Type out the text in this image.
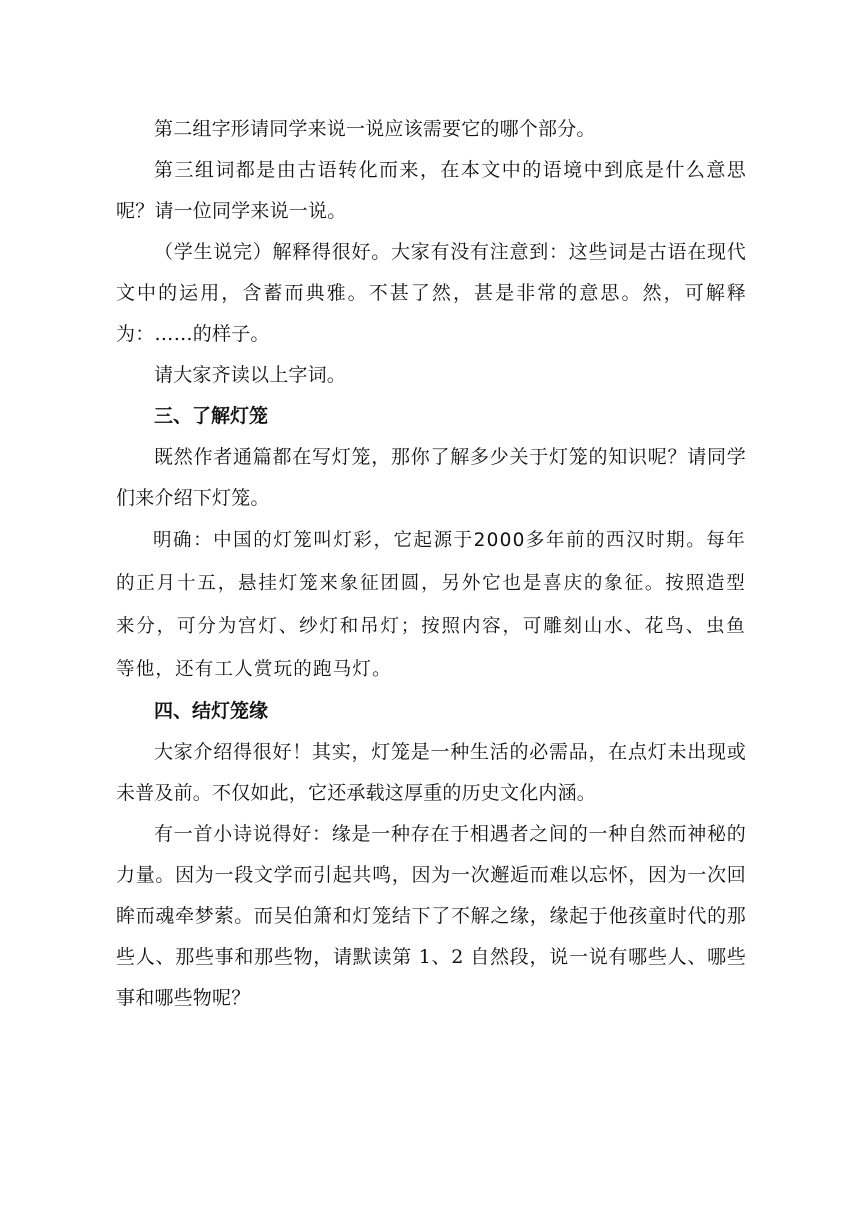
第二组字形请同学来说一说应该需要它的哪个部分。

第三组词都是由古语转化而来，在本文中的语境中到底是什么意思呢？请一位同学来说一说。

（学生说完）解释得很好。大家有没有注意到：这些词是古语在现代文中的运用，含蓄而典雅。不甚了然，甚是非常的意思。然，可解释为：……的样子。

请大家齐读以上字词。

三、了解灯笼

既然作者通篇都在写灯笼，那你了解多少关于灯笼的知识呢？请同学们来介绍下灯笼。

明确：中国的灯笼叫灯彩，它起源于2000多年前的西汉时期。每年的正月十五，悬挂灯笼来象征团圆，另外它也是喜庆的象征。按照造型来分，可分为宫灯、纱灯和吊灯；按照内容，可雕刻山水、花鸟、虫鱼等他，还有工人赏玩的跑马灯。

四、结灯笼缘

大家介绍得很好！其实，灯笼是一种生活的必需品，在点灯未出现或未普及前。不仅如此，它还承载这厚重的历史文化内涵。

有一首小诗说得好：缘是一种存在于相遇者之间的一种自然而神秘的力量。因为一段文学而引起共鸣，因为一次邂逅而难以忘怀，因为一次回眸而魂牵梦萦。而吴伯箫和灯笼结下了不解之缘，缘起于他孩童时代的那些人、那些事和那些物，请默读第 1、2 自然段，说一说有哪些人、哪些事和哪些物呢？
